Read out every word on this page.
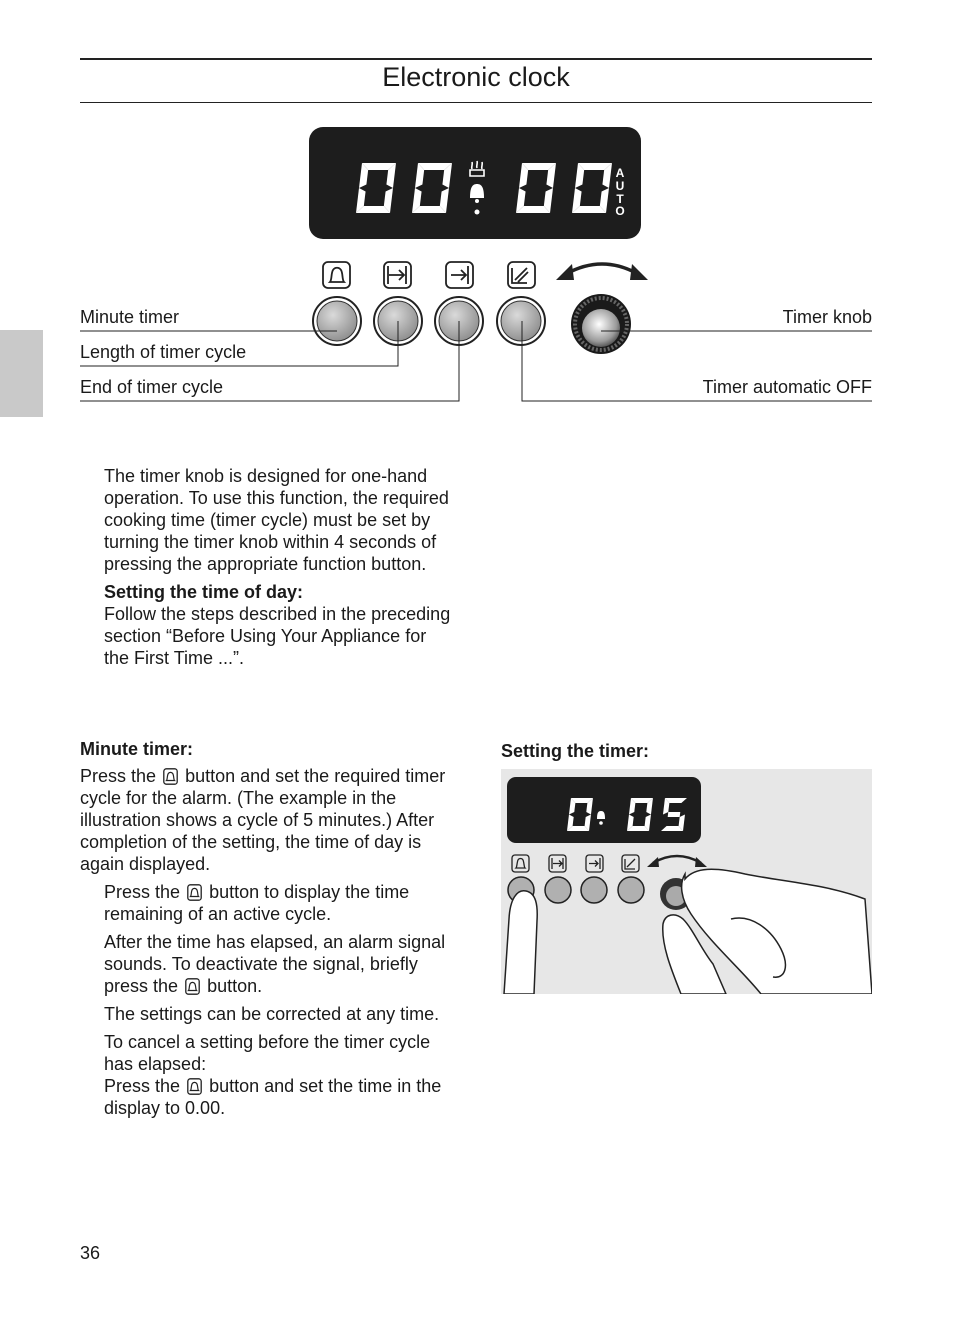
Electronic clock
A
U
T
O
Minute timer
Length of timer cycle
End of timer cycle
Timer knob
Timer automatic OFF

The timer knob is designed for one-hand operation. To use this function, the required cooking time (timer cycle) must be set by turning the timer knob within 4 seconds of pressing the appropriate function button.

Setting the time of day:
Follow the steps described in the preceding section “Before Using Your Appliance for the First Time ...”.
Minute timer:
Press the button and set the required timer cycle for the alarm. (The example in the illustration shows a cycle of 5 minutes.) After completion of the setting, the time of day is again displayed.

Press the button to display the time remaining of an active cycle.

After the time has elapsed, an alarm signal sounds. To deactivate the signal, briefly press the button.

The settings can be corrected at any time.

To cancel a setting before the timer cycle has elapsed:
Press the button and set the time in the display to 0.00.

Setting the timer:
36
